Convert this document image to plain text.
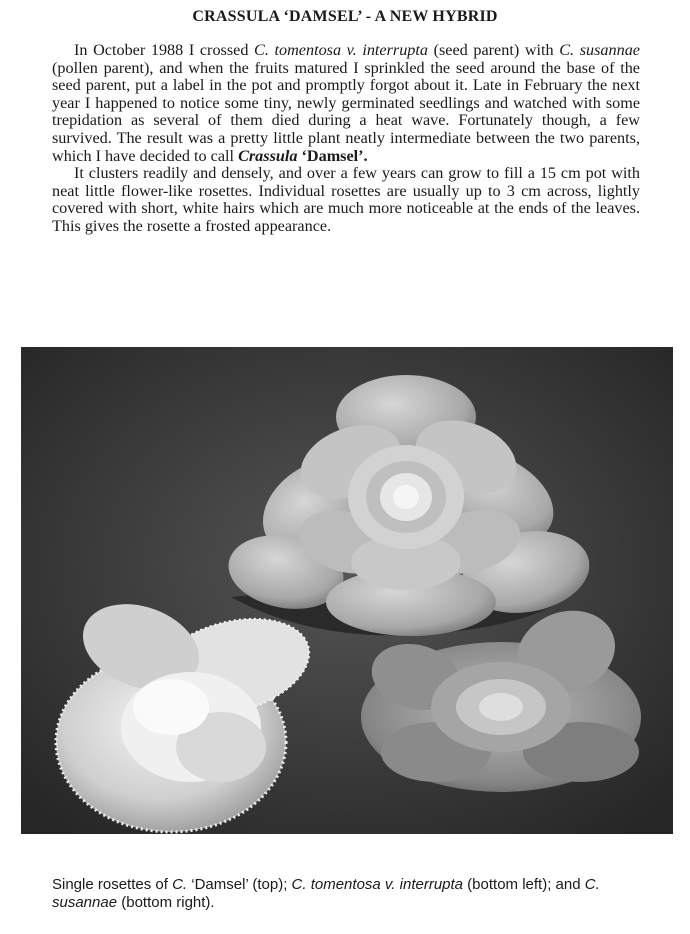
CRASSULA ‘DAMSEL’ - A NEW HYBRID

In October 1988 I crossed C. tomentosa v. interrupta (seed parent) with C. susannae (pollen parent), and when the fruits matured I sprinkled the seed around the base of the seed parent, put a label in the pot and promptly forgot about it. Late in February the next year I happened to notice some tiny, newly germinated seedlings and watched with some trepidation as several of them died during a heat wave. Fortunately though, a few survived. The result was a pretty little plant neatly intermediate between the two parents, which I have decided to call Crassula ‘Damsel’.

It clusters readily and densely, and over a few years can grow to fill a 15 cm pot with neat little flower-like rosettes. Individual rosettes are usually up to 3 cm across, lightly covered with short, white hairs which are much more noticeable at the ends of the leaves. This gives the rosette a frosted appearance.

Single rosettes of C. ‘Damsel’ (top); C. tomentosa v. interrupta (bottom left); and C. susannae (bottom right).
